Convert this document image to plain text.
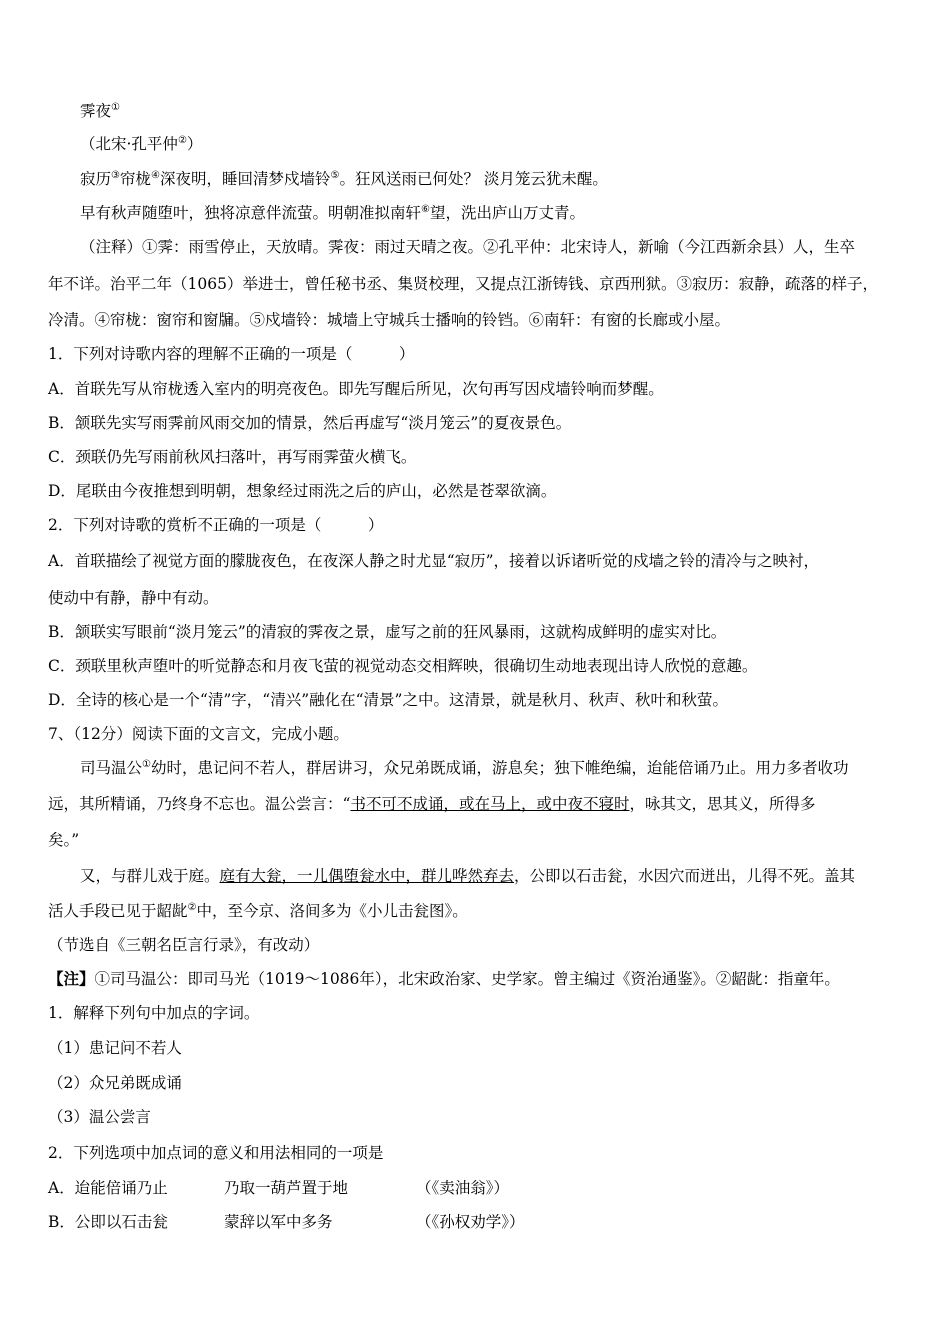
霁夜①
（北宋·孔平仲②）
寂历③帘栊④深夜明，睡回清梦戍墙铃⑤。狂风送雨已何处？ 淡月笼云犹未醒。
早有秋声随堕叶，独将凉意伴流萤。明朝准拟南轩⑥望，洗出庐山万丈青。
（注释）①霁：雨雪停止，天放晴。霁夜：雨过天晴之夜。②孔平仲：北宋诗人，新喻（今江西新余县）人，生卒
年不详。治平二年（1065）举进士，曾任秘书丞、集贤校理，又提点江浙铸钱、京西刑狱。③寂历：寂静，疏落的样子，
冷清。④帘栊：窗帘和窗牖。⑤戍墙铃：城墙上守城兵士播响的铃铛。⑥南轩：有窗的长廊或小屋。
1．下列对诗歌内容的理解不正确的一项是（　　　）
A．首联先写从帘栊透入室内的明亮夜色。即先写醒后所见，次句再写因戍墙铃响而梦醒。
B．颔联先实写雨霁前风雨交加的情景，然后再虚写“淡月笼云”的夏夜景色。
C．颈联仍先写雨前秋风扫落叶，再写雨霁萤火横飞。
D．尾联由今夜推想到明朝，想象经过雨洗之后的庐山，必然是苍翠欲滴。
2．下列对诗歌的赏析不正确的一项是（　　　）
A．首联描绘了视觉方面的朦胧夜色，在夜深人静之时尤显“寂历”，接着以诉诸听觉的戍墙之铃的清冷与之映衬，
使动中有静，静中有动。
B．颔联实写眼前“淡月笼云”的清寂的霁夜之景，虚写之前的狂风暴雨，这就构成鲜明的虚实对比。
C．颈联里秋声堕叶的听觉静态和月夜飞萤的视觉动态交相辉映，很确切生动地表现出诗人欣悦的意趣。
D．全诗的核心是一个“清”字，“清兴”融化在“清景”之中。这清景，就是秋月、秋声、秋叶和秋萤。
7、（12分）阅读下面的文言文，完成小题。
司马温公①幼时，患记问不若人，群居讲习，众兄弟既成诵，游息矣；独下帷绝编，迨能倍诵乃止。用力多者收功
远，其所精诵，乃终身不忘也。温公尝言：“书不可不成诵，或在马上，或中夜不寝时，咏其文，思其义，所得多
矣。”
又，与群儿戏于庭。庭有大瓮，一儿偶堕瓮水中，群儿哗然弃去，公即以石击瓮，水因穴而迸出，儿得不死。盖其
活人手段已见于龆龀②中，至今京、洛间多为《小儿击瓮图》。
（节选自《三朝名臣言行录》，有改动）
【注】①司马温公：即司马光（1019～1086年），北宋政治家、史学家。曾主编过《资治通鉴》。②龆龀：指童年。
1．解释下列句中加点的字词。
（1）患记问不若人
（2）众兄弟既成诵
（3）温公尝言
2．下列选项中加点词的意义和用法相同的一项是
A．迨能倍诵乃止	乃取一葫芦置于地	（《卖油翁》）
B．公即以石击瓮	蒙辞以军中多务	（《孙权劝学》）
